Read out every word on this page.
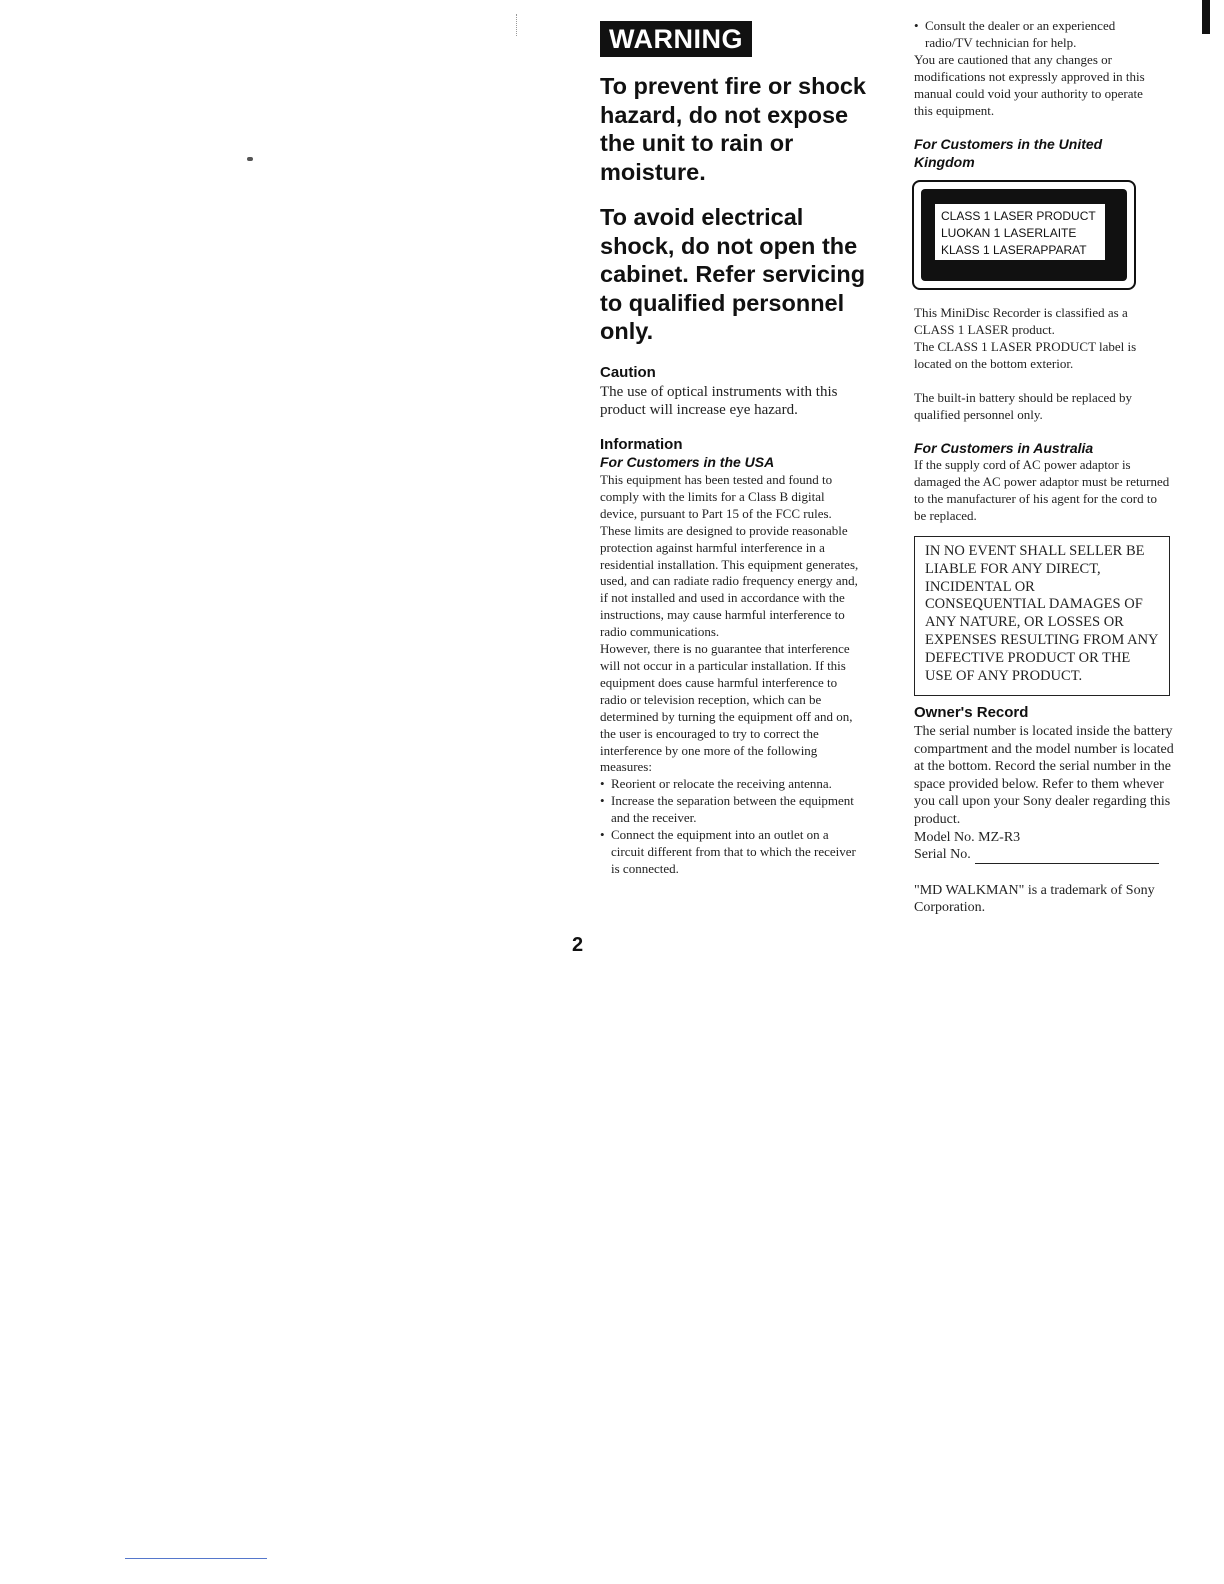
WARNING
To prevent fire or shock hazard, do not expose the unit to rain or moisture.
To avoid electrical shock, do not open the cabinet. Refer servicing to qualified personnel only.
Caution

The use of optical instruments with this product will increase eye hazard.

Information
For Customers in the USA

This equipment has been tested and found to comply with the limits for a Class B digital device, pursuant to Part 15 of the FCC rules. These limits are designed to provide reasonable protection against harmful interference in a residential installation. This equipment generates, used, and can radiate radio frequency energy and, if not installed and used in accordance with the instructions, may cause harmful interference to radio communications.

However, there is no guarantee that interference will not occur in a particular installation. If this equipment does cause harmful interference to radio or television reception, which can be determined by turning the equipment off and on, the user is encouraged to try to correct the interference by one more of the following measures:

• Reorient or relocate the receiving antenna.
• Increase the separation between the equipment and the receiver.
• Connect the equipment into an outlet on a circuit different from that to which the receiver is connected.
2
• Consult the dealer or an experienced radio/TV technician for help.

You are cautioned that any changes or modifications not expressly approved in this manual could void your authority to operate this equipment.

For Customers in the United Kingdom
CLASS 1 LASER PRODUCT
LUOKAN 1 LASERLAITE
KLASS 1 LASERAPPARAT

This MiniDisc Recorder is classified as a CLASS 1 LASER product.

The CLASS 1 LASER PRODUCT label is located on the bottom exterior.

The built-in battery should be replaced by qualified personnel only.

For Customers in Australia

If the supply cord of AC power adaptor is damaged the AC power adaptor must be returned to the manufacturer of his agent for the cord to be replaced.

IN NO EVENT SHALL SELLER BE LIABLE FOR ANY DIRECT, INCIDENTAL OR CONSEQUENTIAL DAMAGES OF ANY NATURE, OR LOSSES OR EXPENSES RESULTING FROM ANY DEFECTIVE PRODUCT OR THE USE OF ANY PRODUCT.
Owner's Record

The serial number is located inside the battery compartment and the model number is located at the bottom. Record the serial number in the space provided below. Refer to them whever you call upon your Sony dealer regarding this product.

Model No. MZ-R3
Serial No.

"MD WALKMAN" is a trademark of Sony Corporation.
